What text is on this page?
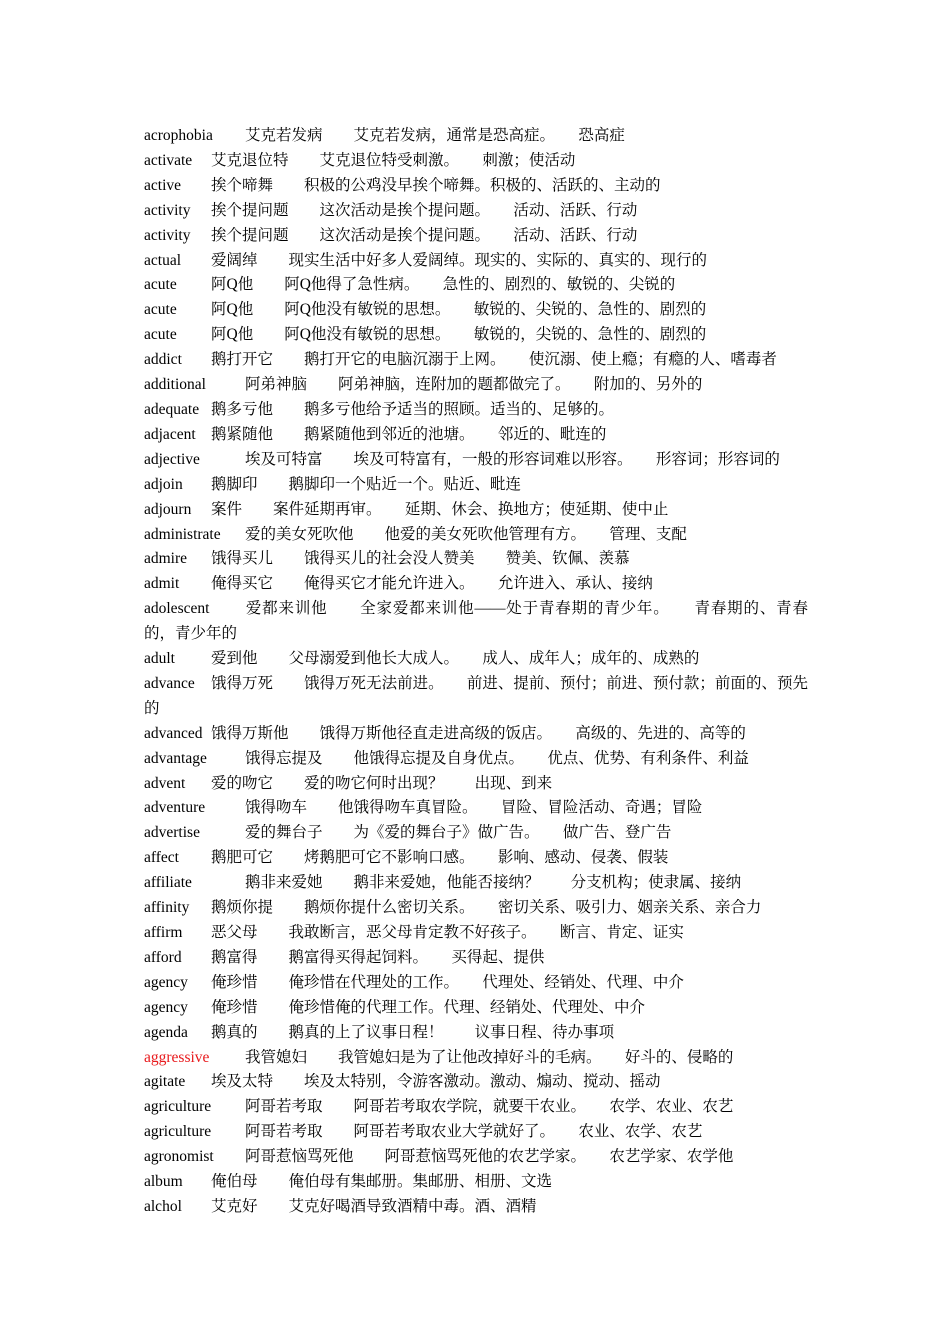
acrophobia 艾克若发病　　 艾克若发病，通常是恐高症。　　 恐高症
activate 艾克退位特　　 艾克退位特受刺激。　　 刺激；使活动
active 挨个啼舞　　 积极的公鸡没早挨个啼舞。积极的、活跃的、主动的
activity 挨个提问题　　 这次活动是挨个提问题。　　 活动、活跃、行动
activity 挨个提问题　　 这次活动是挨个提问题。　　 活动、活跃、行动
actual 爱阔绰　　 现实生活中好多人爱阔绰。现实的、实际的、真实的、现行的
acute 阿Q他　　 阿Q他得了急性病。　　 急性的、剧烈的、敏锐的、尖锐的
acute 阿Q他　　 阿Q他没有敏锐的思想。　　 敏锐的、尖锐的、急性的、剧烈的
acute 阿Q他　　 阿Q他没有敏锐的思想。　　 敏锐的，尖锐的、急性的、剧烈的
addict 鹅打开它　　 鹅打开它的电脑沉溺于上网。　　 使沉溺、使上瘾；有瘾的人、嗜毒者
additional	阿弟神脑　　 阿弟神脑，连附加的题都做完了。　　 附加的、另外的
adequate 鹅多亏他　　 鹅多亏他给予适当的照顾。适当的、足够的。
adjacent 鹅紧随他　　 鹅紧随他到邻近的池塘。　　 邻近的、毗连的
adjective	埃及可特富　　 埃及可特富有，一般的形容词难以形容。　　 形容词；形容词的
adjoin 鹅脚印　　 鹅脚印一个贴近一个。贴近、毗连
adjourn 案件　　 案件延期再审。　　 延期、休会、换地方；使延期、使中止
administrate 爱的美女死吹他　　 他爱的美女死吹他管理有方。　　 管理、支配
admire 饿得买儿　　 饿得买儿的社会没人赞美　　 赞美、钦佩、羡慕
admit 俺得买它　　 俺得买它才能允许进入。　　 允许进入、承认、接纳
adolescent 爱都来训他　　 全家爱都来训他——处于青春期的青少年。　　 青春期的、青春的，青少年的
adult 爱到他　　 父母溺爱到他长大成人。　　 成人、成年人；成年的、成熟的
advance 饿得万死　　 饿得万死无法前进。　　 前进、提前、预付；前进、预付款；前面的、预先的
advanced 饿得万斯他　　 饿得万斯他径直走进高级的饭店。　　 高级的、先进的、高等的
advantage 饿得忘提及　　 他饿得忘提及自身优点。　　 优点、优势、有利条件、利益
advent 爱的吻它　　 爱的吻它何时出现？　　 出现、到来
adventure	饿得吻车　　 他饿得吻车真冒险。　　 冒险、冒险活动、奇遇；冒险
advertise	爱的舞台子　　 为《爱的舞台子》做广告。　　 做广告、登广告
affect 鹅肥可它　　 烤鹅肥可它不影响口感。　　 影响、感动、侵袭、假装
affiliate	鹅非来爱她　　 鹅非来爱她，他能否接纳？　　 分支机构；使隶属、接纳
affinity 鹅烦你提　　 鹅烦你提什么密切关系。　　 密切关系、吸引力、姻亲关系、亲合力
affirm 恶父母　　 我敢断言，恶父母肯定教不好孩子。　　 断言、肯定、证实
afford 鹅富得　　 鹅富得买得起饲料。　　 买得起、提供
agency 俺珍惜　　 俺珍惜在代理处的工作。　　 代理处、经销处、代理、中介
agency 俺珍惜　　 俺珍惜俺的代理工作。代理、经销处、代理处、中介
agenda 鹅真的　　 鹅真的上了议事日程！　　 议事日程、待办事项
aggressive 我管媳妇　　 我管媳妇是为了让他改掉好斗的毛病。　　 好斗的、侵略的
agitate 埃及太特　　 埃及太特别，令游客激动。激动、煽动、搅动、摇动
agriculture 阿哥若考取　　 阿哥若考取农学院，就要干农业。　　 农学、农业、农艺
agriculture 阿哥若考取　　 阿哥若考取农业大学就好了。　　 农业、农学、农艺
agronomist 阿哥惹恼骂死他　　 阿哥惹恼骂死他的农艺学家。　　 农艺学家、农学他
album 俺伯母　　 俺伯母有集邮册。集邮册、相册、文选
alchol 艾克好　　 艾克好喝酒导致酒精中毒。酒、酒精
